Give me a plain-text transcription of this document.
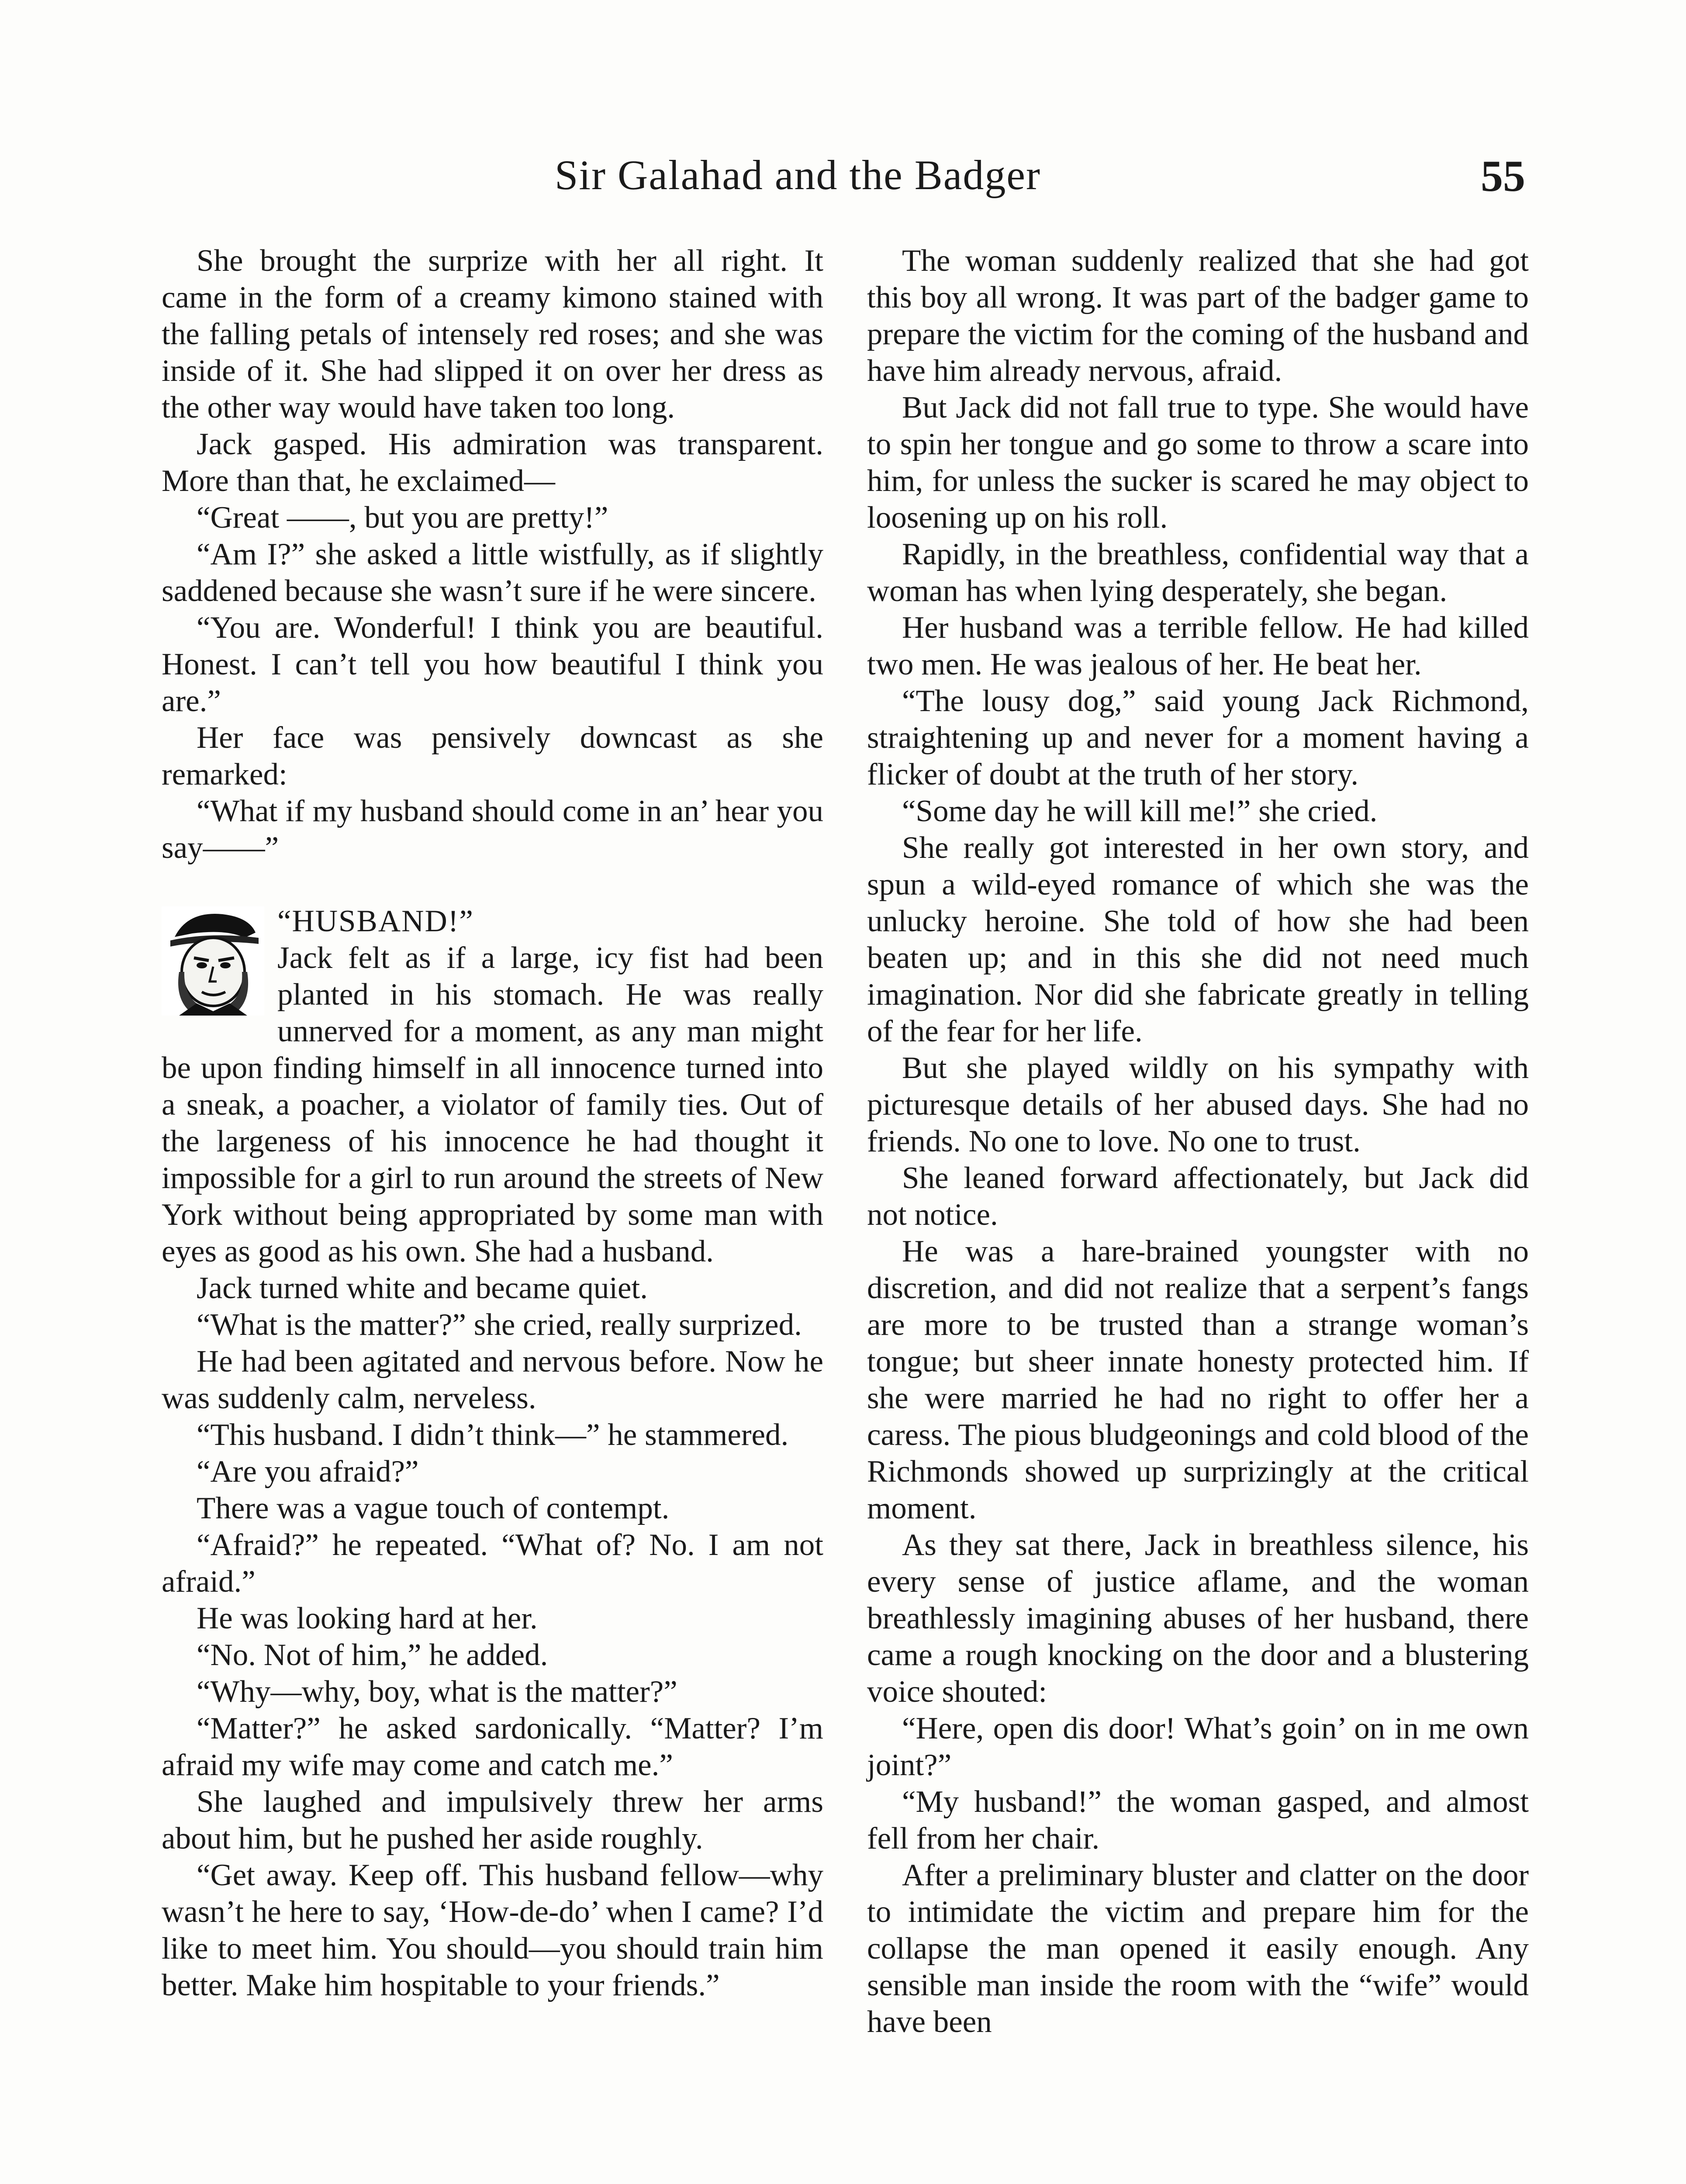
Sir Galahad and the Badger	55

She brought the surprize with her all right. It came in the form of a creamy kimono stained with the falling petals of intensely red roses; and she was inside of it. She had slipped it on over her dress as the other way would have taken too long.

Jack gasped. His admiration was transparent. More than that, he exclaimed—

“Great ——, but you are pretty!”

“Am I?” she asked a little wistfully, as if slightly saddened because she wasn’t sure if he were sincere.

“You are. Wonderful! I think you are beautiful. Honest. I can’t tell you how beautiful I think you are.”

Her face was pensively downcast as she remarked:

“What if my husband should come in an’ hear you say——”

“HUSBAND!”

Jack felt as if a large, icy fist had been planted in his stomach. He was really unnerved for a moment, as any man might be upon finding himself in all innocence turned into a sneak, a poacher, a violator of family ties. Out of the largeness of his innocence he had thought it impossible for a girl to run around the streets of New York without being appropriated by some man with eyes as good as his own. She had a husband.

Jack turned white and became quiet.

“What is the matter?” she cried, really surprized.

He had been agitated and nervous before. Now he was suddenly calm, nerveless.

“This husband. I didn’t think—” he stammered.

“Are you afraid?”

There was a vague touch of contempt.

“Afraid?” he repeated. “What of? No. I am not afraid.”

He was looking hard at her.

“No. Not of him,” he added.

“Why—why, boy, what is the matter?”

“Matter?” he asked sardonically. “Matter? I’m afraid my wife may come and catch me.”

She laughed and impulsively threw her arms about him, but he pushed her aside roughly.

“Get away. Keep off. This husband fellow—why wasn’t he here to say, ‘How-de-do’ when I came? I’d like to meet him. You should—you should train him better. Make him hospitable to your friends.”

The woman suddenly realized that she had got this boy all wrong. It was part of the badger game to prepare the victim for the coming of the husband and have him already nervous, afraid.

But Jack did not fall true to type. She would have to spin her tongue and go some to throw a scare into him, for unless the sucker is scared he may object to loosening up on his roll.

Rapidly, in the breathless, confidential way that a woman has when lying desperately, she began.

Her husband was a terrible fellow. He had killed two men. He was jealous of her. He beat her.

“The lousy dog,” said young Jack Richmond, straightening up and never for a moment having a flicker of doubt at the truth of her story.

“Some day he will kill me!” she cried.

She really got interested in her own story, and spun a wild-eyed romance of which she was the unlucky heroine. She told of how she had been beaten up; and in this she did not need much imagination. Nor did she fabricate greatly in telling of the fear for her life.

But she played wildly on his sympathy with picturesque details of her abused days. She had no friends. No one to love. No one to trust.

She leaned forward affectionately, but Jack did not notice.

He was a hare-brained youngster with no discretion, and did not realize that a serpent’s fangs are more to be trusted than a strange woman’s tongue; but sheer innate honesty protected him. If she were married he had no right to offer her a caress. The pious bludgeonings and cold blood of the Richmonds showed up surprizingly at the critical moment.

As they sat there, Jack in breathless silence, his every sense of justice aflame, and the woman breathlessly imagining abuses of her husband, there came a rough knocking on the door and a blustering voice shouted:

“Here, open dis door! What’s goin’ on in me own joint?”

“My husband!” the woman gasped, and almost fell from her chair.

After a preliminary bluster and clatter on the door to intimidate the victim and prepare him for the collapse the man opened it easily enough. Any sensible man inside the room with the “wife” would have been
